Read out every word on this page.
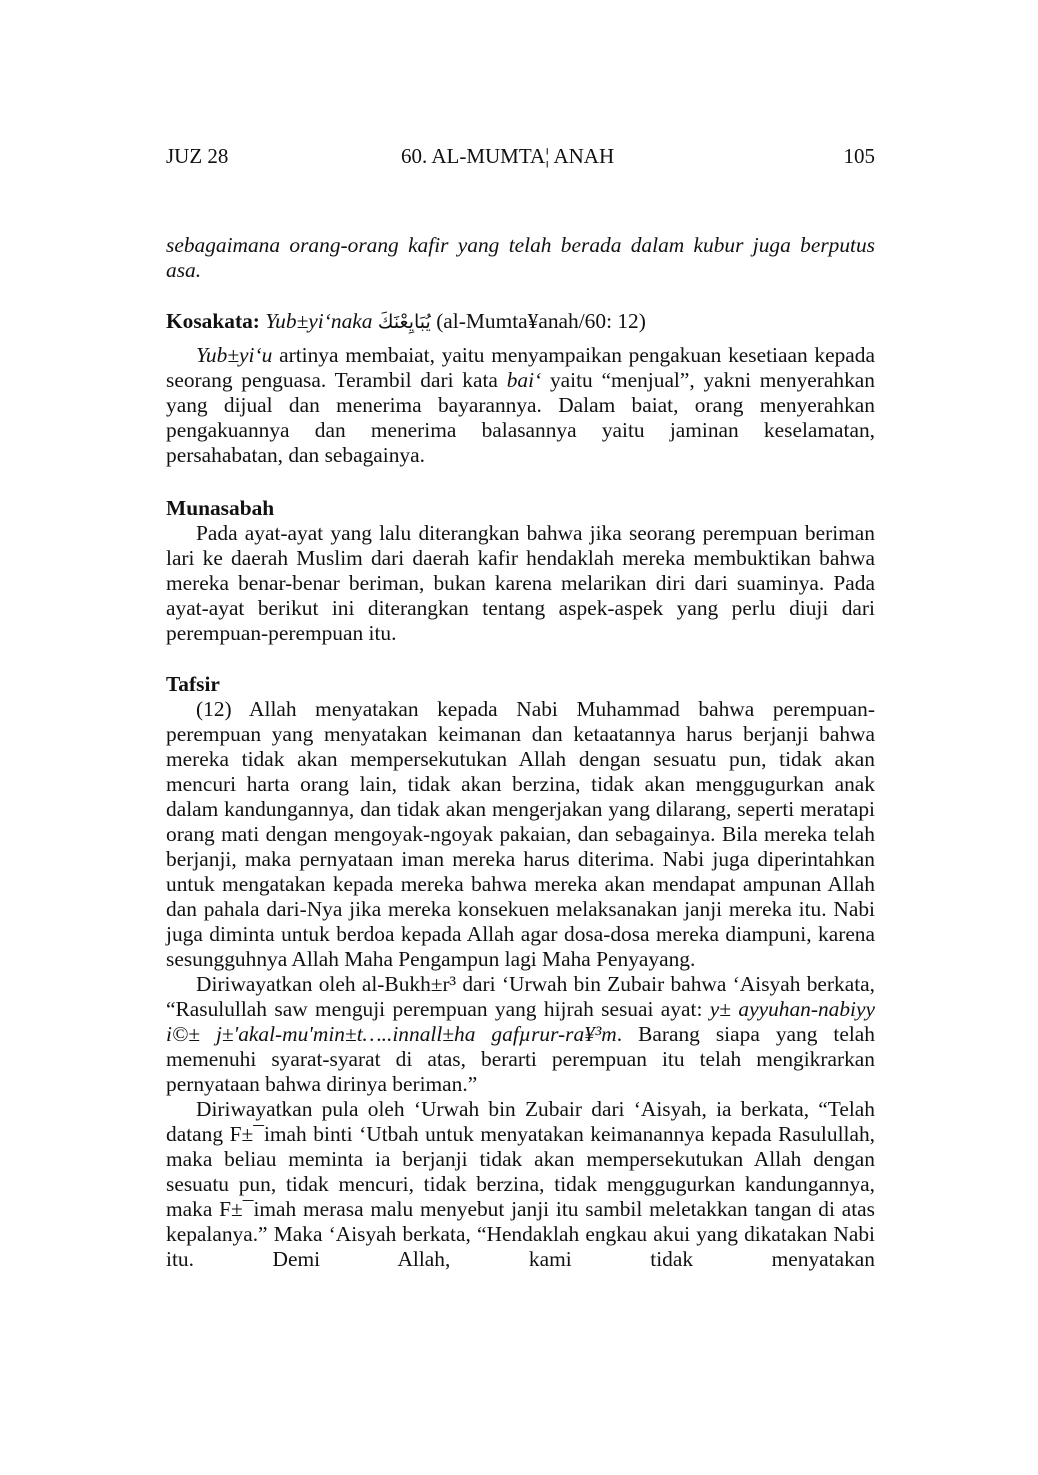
JUZ 28	60. AL-MUMTA¦ ANAH	105

sebagaimana orang-orang kafir yang telah berada dalam kubur juga berputus asa.

Kosakata: Yub±yi‘naka يُبَايِعْنَكَ (al-Mumta¥anah/60: 12)

Yub±yi‘u artinya membaiat, yaitu menyampaikan pengakuan kesetiaan kepada seorang penguasa. Terambil dari kata bai‘ yaitu “menjual”, yakni menyerahkan yang dijual dan menerima bayarannya. Dalam baiat, orang menyerahkan pengakuannya dan menerima balasannya yaitu jaminan keselamatan, persahabatan, dan sebagainya.

Munasabah

Pada ayat-ayat yang lalu diterangkan bahwa jika seorang perempuan beriman lari ke daerah Muslim dari daerah kafir hendaklah mereka membuktikan bahwa mereka benar-benar beriman, bukan karena melarikan diri dari suaminya. Pada ayat-ayat berikut ini diterangkan tentang aspek-aspek yang perlu diuji dari perempuan-perempuan itu.

Tafsir

(12) Allah menyatakan kepada Nabi Muhammad bahwa perempuan-perempuan yang menyatakan keimanan dan ketaatannya harus berjanji bahwa mereka tidak akan mempersekutukan Allah dengan sesuatu pun, tidak akan mencuri harta orang lain, tidak akan berzina, tidak akan menggugurkan anak dalam kandungannya, dan tidak akan mengerjakan yang dilarang, seperti meratapi orang mati dengan mengoyak-ngoyak pakaian, dan sebagainya. Bila mereka telah berjanji, maka pernyataan iman mereka harus diterima. Nabi juga diperintahkan untuk mengatakan kepada mereka bahwa mereka akan mendapat ampunan Allah dan pahala dari-Nya jika mereka konsekuen melaksanakan janji mereka itu. Nabi juga diminta untuk berdoa kepada Allah agar dosa-dosa mereka diampuni, karena sesungguhnya Allah Maha Pengampun lagi Maha Penyayang.

Diriwayatkan oleh al-Bukh±r³ dari ‘Urwah bin Zubair bahwa ‘Aisyah berkata, “Rasulullah saw menguji perempuan yang hijrah sesuai ayat: y± ayyuhan-nabiyy i©± j±'akal-mu'min±t…..innall±ha gafµrur-ra¥³m. Barang siapa yang telah memenuhi syarat-syarat di atas, berarti perempuan itu telah mengikrarkan pernyataan bahwa dirinya beriman.”

Diriwayatkan pula oleh ‘Urwah bin Zubair dari ‘Aisyah, ia berkata, “Telah datang F±¯imah binti ‘Utbah untuk menyatakan keimanannya kepada Rasulullah, maka beliau meminta ia berjanji tidak akan mempersekutukan Allah dengan sesuatu pun, tidak mencuri, tidak berzina, tidak menggugurkan kandungannya, maka F±¯imah merasa malu menyebut janji itu sambil meletakkan tangan di atas kepalanya.” Maka ‘Aisyah berkata, “Hendaklah engkau akui yang dikatakan Nabi itu. Demi Allah, kami tidak menyatakan
